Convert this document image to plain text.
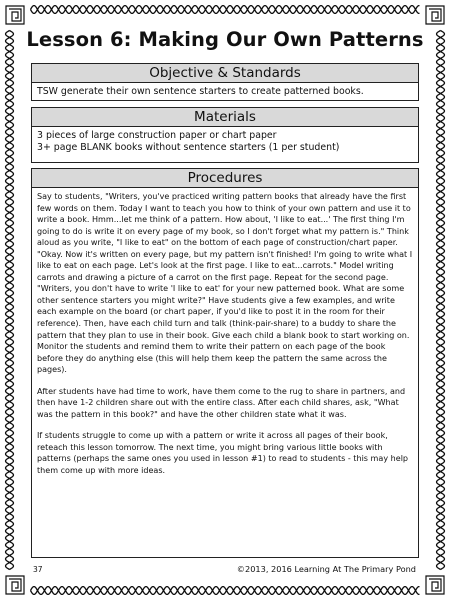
Lesson 6: Making Our Own Patterns
Objective & Standards
TSW generate their own sentence starters to create patterned books.
Materials
3 pieces of large construction paper or chart paper
3+ page BLANK books without sentence starters (1 per student)
Procedures

Say to students, "Writers, you've practiced writing pattern books that already have the first few words on them. Today I want to teach you how to think of your own pattern and use it to write a book. Hmm...let me think of a pattern. How about, 'I like to eat...' The first thing I'm going to do is write it on every page of my book, so I don't forget what my pattern is." Think aloud as you write, "I like to eat" on the bottom of each page of construction/chart paper. "Okay. Now it's written on every page, but my pattern isn't finished! I'm going to write what I like to eat on each page. Let's look at the first page. I like to eat...carrots." Model writing carrots and drawing a picture of a carrot on the first page. Repeat for the second page. "Writers, you don't have to write 'I like to eat' for your new patterned book. What are some other sentence starters you might write?" Have students give a few examples, and write each example on the board (or chart paper, if you'd like to post it in the room for their reference). Then, have each child turn and talk (think-pair-share) to a buddy to share the pattern that they plan to use in their book. Give each child a blank book to start working on. Monitor the students and remind them to write their pattern on each page of the book before they do anything else (this will help them keep the pattern the same across the pages).

After students have had time to work, have them come to the rug to share in partners, and then have 1-2 children share out with the entire class. After each child shares, ask, "What was the pattern in this book?" and have the other children state what it was.

If students struggle to come up with a pattern or write it across all pages of their book, reteach this lesson tomorrow. The next time, you might bring various little books with patterns (perhaps the same ones you used in lesson #1) to read to students - this may help them come up with more ideas.

37	©2013, 2016 Learning At The Primary Pond
